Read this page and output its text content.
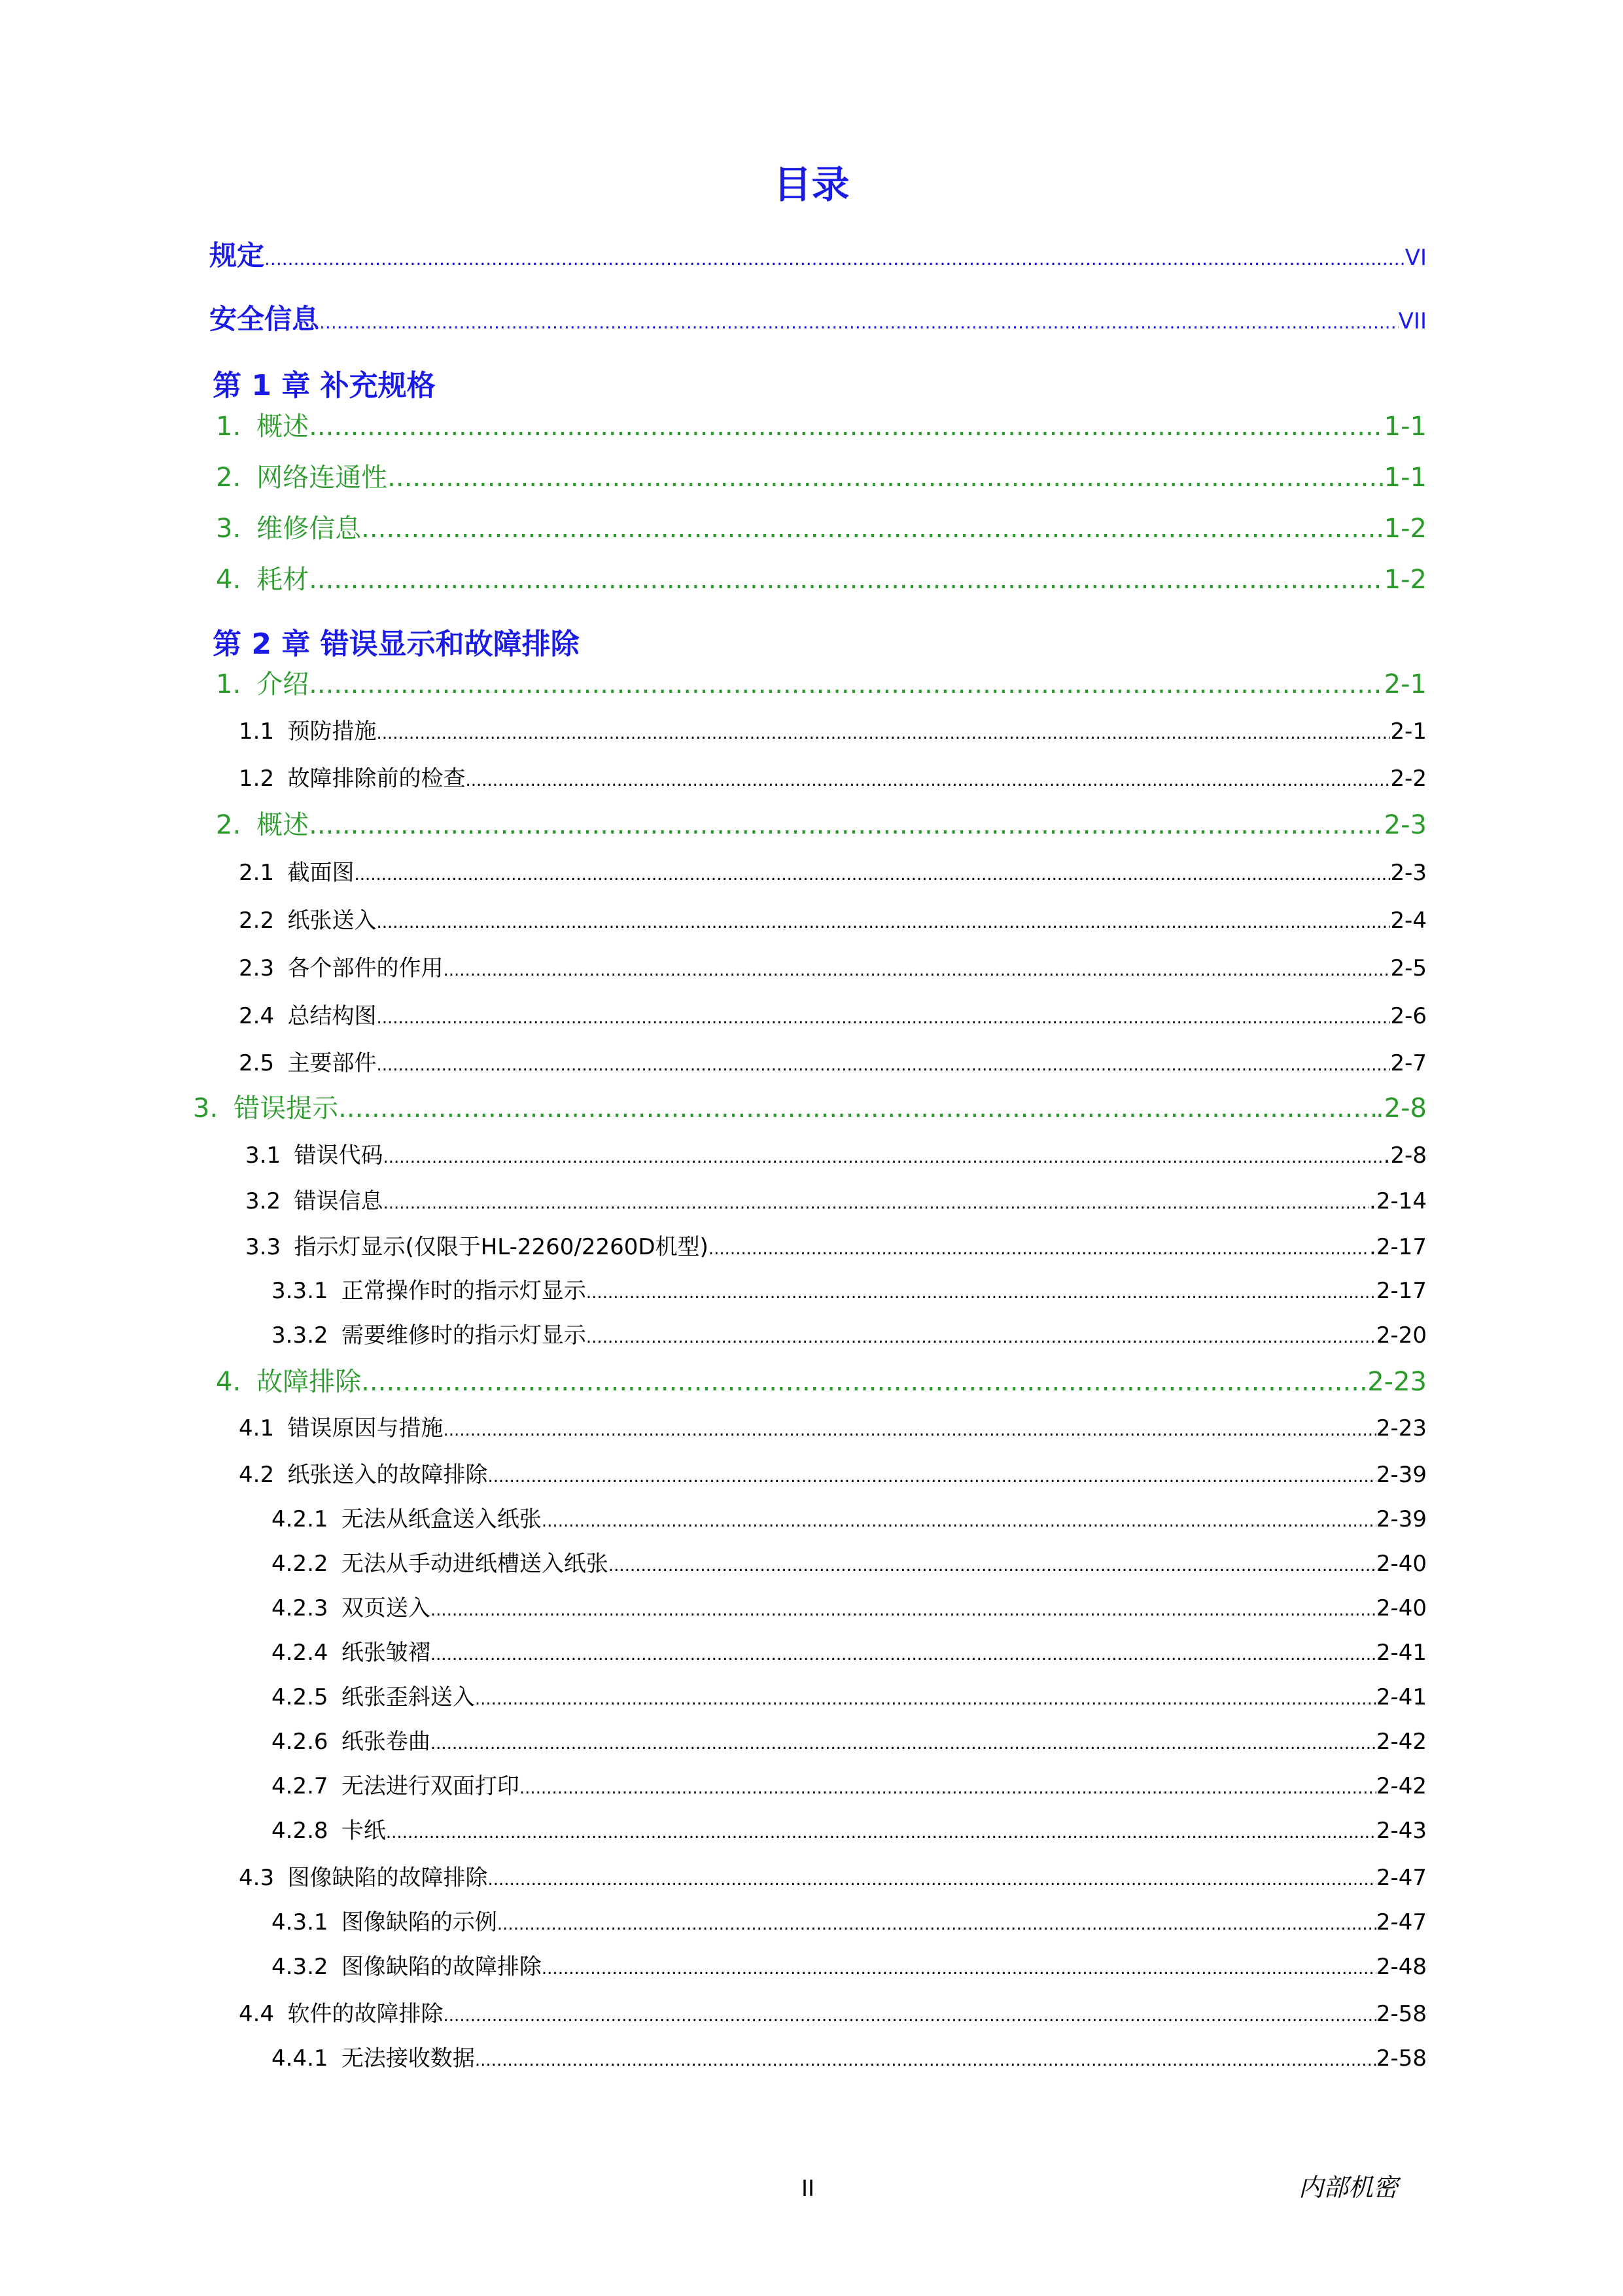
目录
规定 .....	VI
安全信息 .....	VII
第 1 章 补充规格
1. 概述 .....	1-1
2. 网络连通性 .....	1-1
3. 维修信息 .....	1-2
4. 耗材 .....	1-2
第 2 章 错误显示和故障排除
1. 介绍 .....	2-1
1.1 预防措施 .....	2-1
1.2 故障排除前的检查 .....	2-2
2. 概述 .....	2-3
2.1 截面图 .....	2-3
2.2 纸张送入 .....	2-4
2.3 各个部件的作用 .....	2-5
2.4 总结构图 .....	2-6
2.5 主要部件 .....	2-7
3. 错误提示 .....	.2-8
3.1 错误代码 .....	.2-8
3.2 错误信息 .....	.2-14
3.3 指示灯显示(仅限于HL-2260/2260D机型) .....	.2-17
3.3.1 正常操作时的指示灯显示 .....	2-17
3.3.2 需要维修时的指示灯显示 .....	2-20
4. 故障排除 .....	2-23
4.1 错误原因与措施 .....	2-23
4.2 纸张送入的故障排除 .....	2-39
4.2.1 无法从纸盒送入纸张 .....	2-39
4.2.2 无法从手动进纸槽送入纸张 .....	2-40
4.2.3 双页送入 .....	2-40
4.2.4 纸张皱褶 .....	2-41
4.2.5 纸张歪斜送入 .....	2-41
4.2.6 纸张卷曲 .....	2-42
4.2.7 无法进行双面打印 .....	2-42
4.2.8 卡纸 .....	2-43
4.3 图像缺陷的故障排除 .....	2-47
4.3.1 图像缺陷的示例 .....	2-47
4.3.2 图像缺陷的故障排除 .....	2-48
4.4 软件的故障排除 .....	2-58
4.4.1 无法接收数据 .....	2-58
II	内部机密
